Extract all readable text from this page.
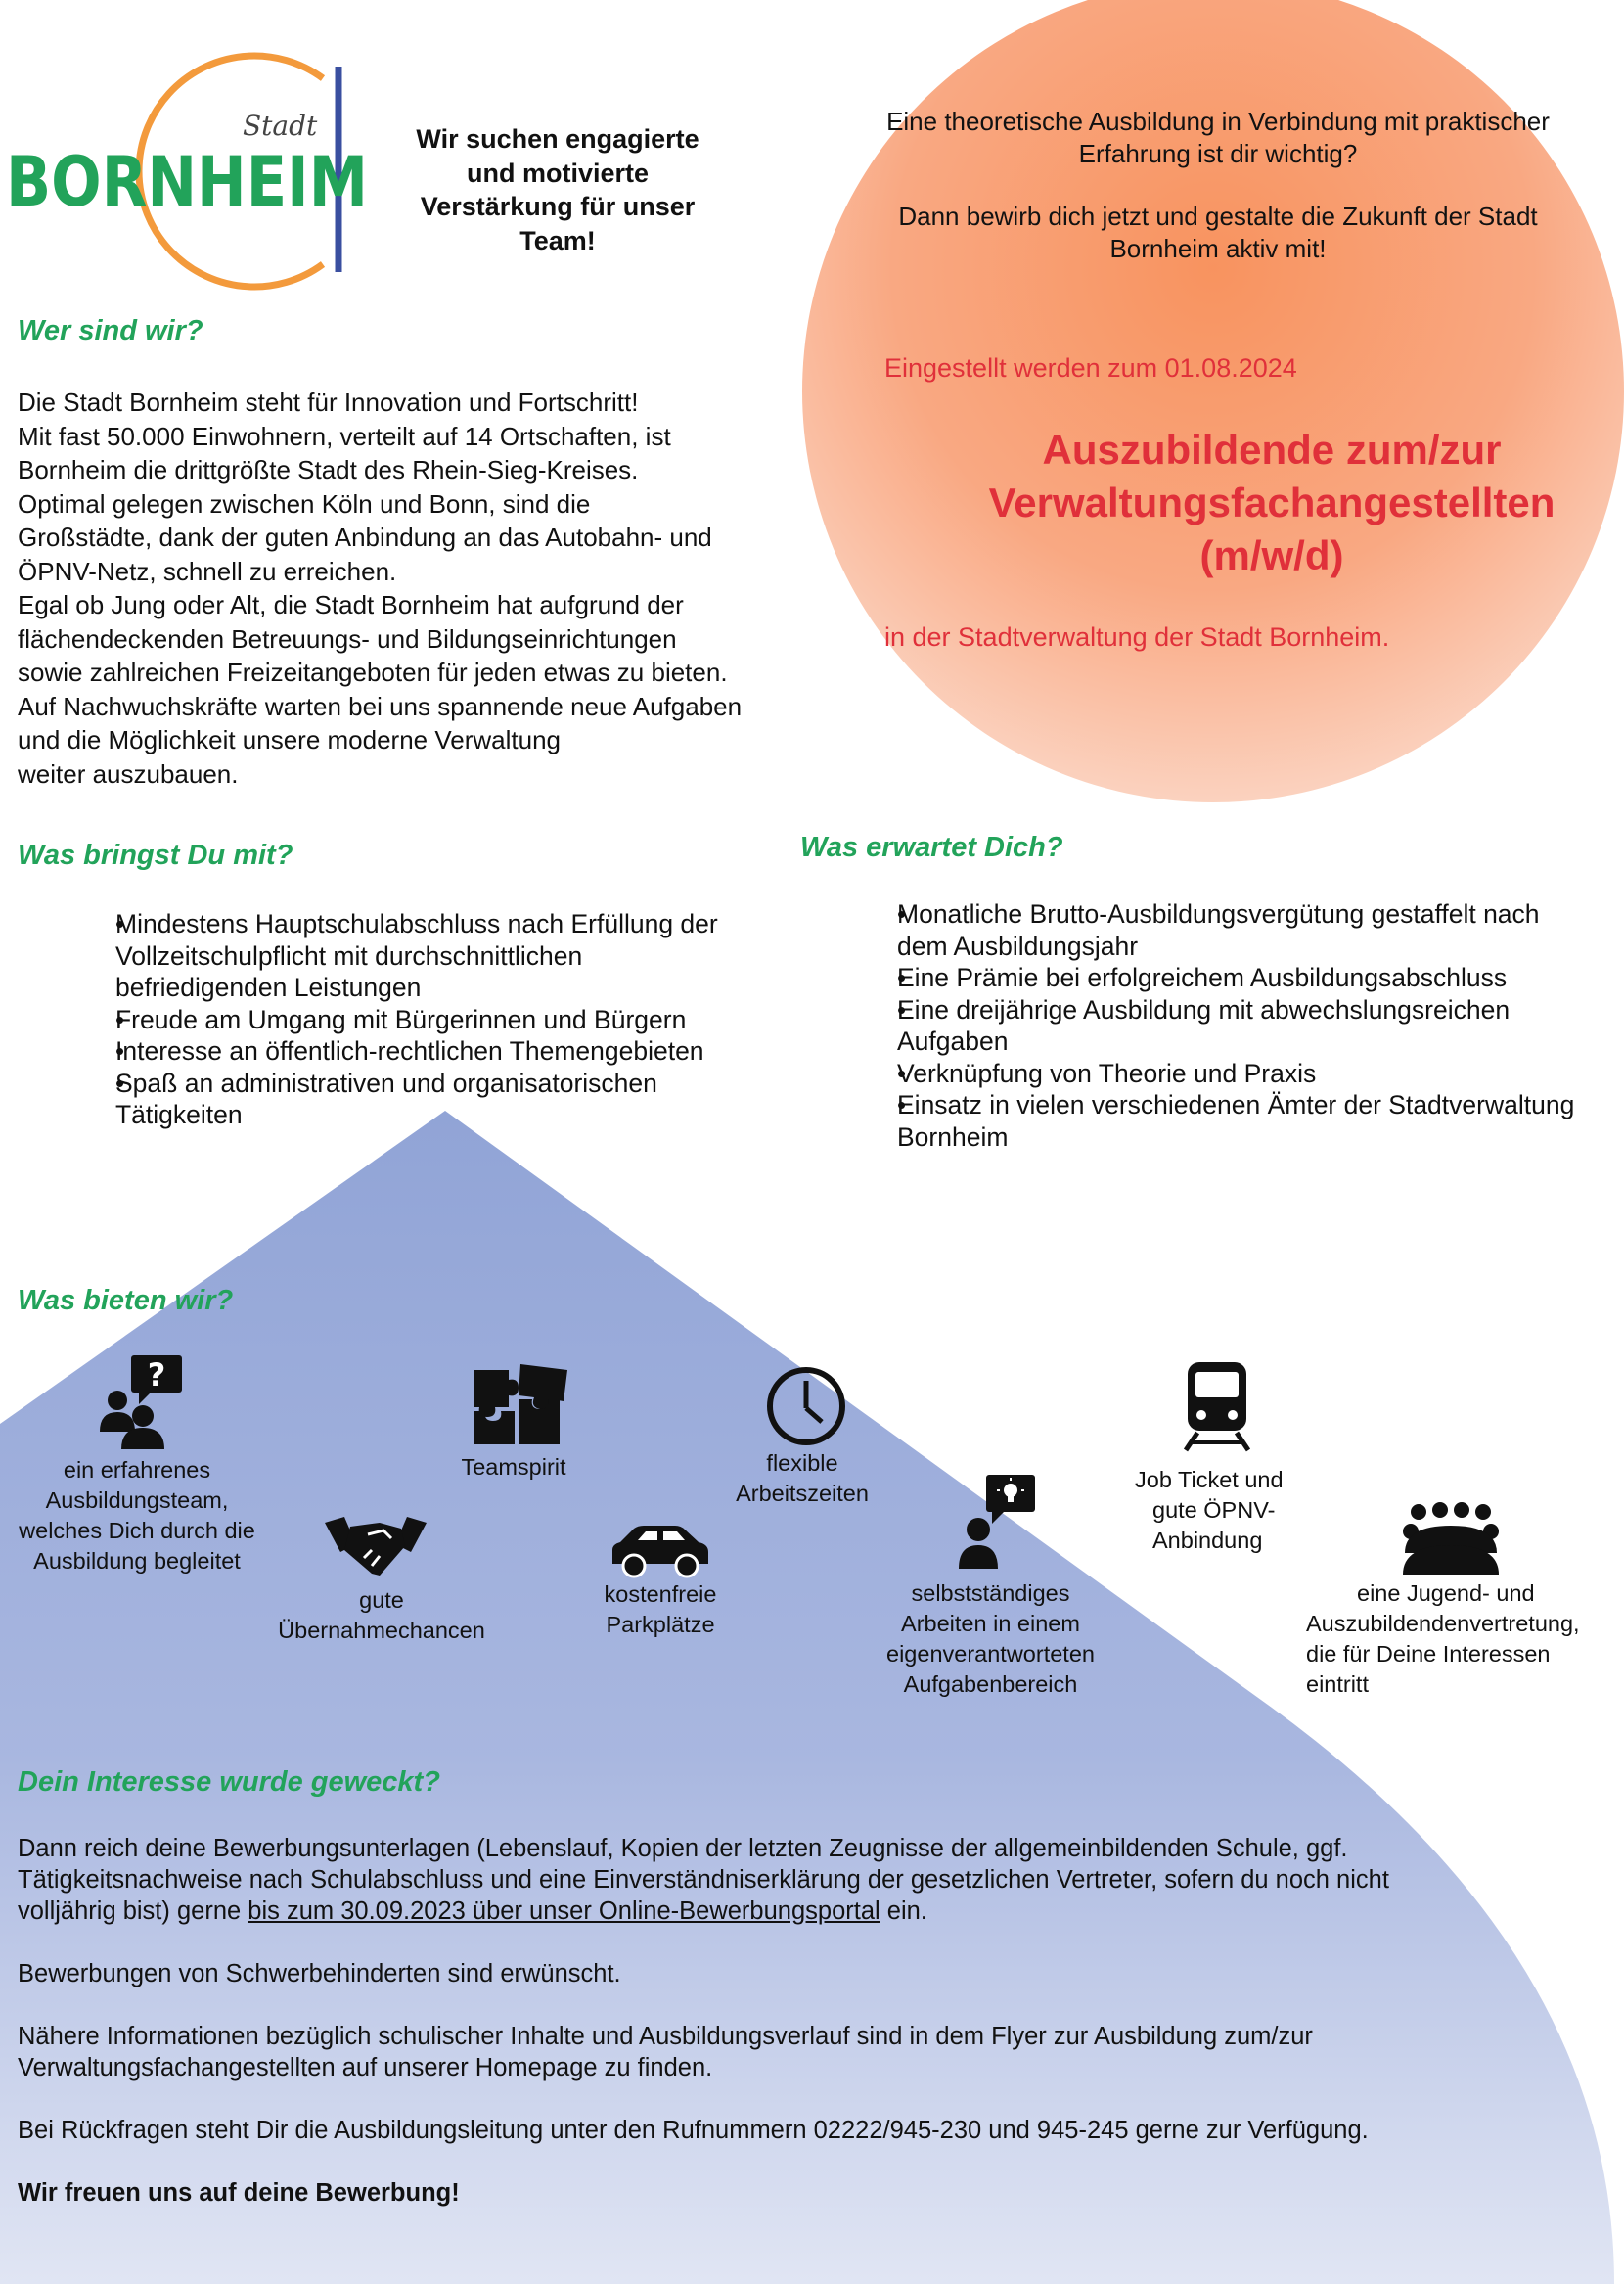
Stadt
BORNHEIM
Wir suchen engagierte
und motivierte
Verstärkung für unser
Team!
Eine theoretische Ausbildung in Verbindung mit praktischer
Erfahrung ist dir wichtig?
Dann bewirb dich jetzt und gestalte die Zukunft der Stadt
Bornheim aktiv mit!
Eingestellt werden zum 01.08.2024
Auszubildende zum/zur
Verwaltungsfachangestellten
(m/w/d)
in der Stadtverwaltung der Stadt Bornheim.
Wer sind wir?
Die Stadt Bornheim steht für Innovation und Fortschritt!
Mit fast 50.000 Einwohnern, verteilt auf 14 Ortschaften, ist
Bornheim die drittgrößte Stadt des Rhein-Sieg-Kreises.
Optimal gelegen zwischen Köln und Bonn, sind die
Großstädte, dank der guten Anbindung an das Autobahn- und
ÖPNV-Netz, schnell zu erreichen.
Egal ob Jung oder Alt, die Stadt Bornheim hat aufgrund der
flächendeckenden Betreuungs- und Bildungseinrichtungen
sowie zahlreichen Freizeitangeboten für jeden etwas zu bieten.
Auf Nachwuchskräfte warten bei uns spannende neue Aufgaben
und die Möglichkeit unsere moderne Verwaltung
weiter auszubauen.
Was bringst Du mit?
• Mindestens Hauptschulabschluss nach Erfüllung der
Vollzeitschulpflicht mit durchschnittlichen
befriedigenden Leistungen
• Freude am Umgang mit Bürgerinnen und Bürgern
• Interesse an öffentlich-rechtlichen Themengebieten
• Spaß an administrativen und organisatorischen
Tätigkeiten
Was erwartet Dich?
• Monatliche Brutto-Ausbildungsvergütung gestaffelt nach
dem Ausbildungsjahr
• Eine Prämie bei erfolgreichem Ausbildungsabschluss
• Eine dreijährige Ausbildung mit abwechslungsreichen
Aufgaben
• Verknüpfung von Theorie und Praxis
• Einsatz in vielen verschiedenen Ämter der Stadtverwaltung
Bornheim
Was bieten wir?
?
ein erfahrenes
Ausbildungsteam,
welches Dich durch die
Ausbildung begleitet
gute
Übernahmechancen
Teamspirit
kostenfreie
Parkplätze
flexible
Arbeitszeiten
selbstständiges
Arbeiten in einem
eigenverantworteten
Aufgabenbereich
Job Ticket und
gute ÖPNV-
Anbindung
eine Jugend- und
Auszubildendenvertretung,
die für Deine Interessen
eintritt
Dein Interesse wurde geweckt?
Dann reich deine Bewerbungsunterlagen (Lebenslauf, Kopien der letzten Zeugnisse der allgemeinbildenden Schule, ggf.
Tätigkeitsnachweise nach Schulabschluss und eine Einverständniserklärung der gesetzlichen Vertreter, sofern du noch nicht
volljährig bist) gerne bis zum 30.09.2023 über unser Online-Bewerbungsportal ein.
Bewerbungen von Schwerbehinderten sind erwünscht.
Nähere Informationen bezüglich schulischer Inhalte und Ausbildungsverlauf sind in dem Flyer zur Ausbildung zum/zur
Verwaltungsfachangestellten auf unserer Homepage zu finden.
Bei Rückfragen steht Dir die Ausbildungsleitung unter den Rufnummern 02222/945-230 und 945-245 gerne zur Verfügung.
Wir freuen uns auf deine Bewerbung!
